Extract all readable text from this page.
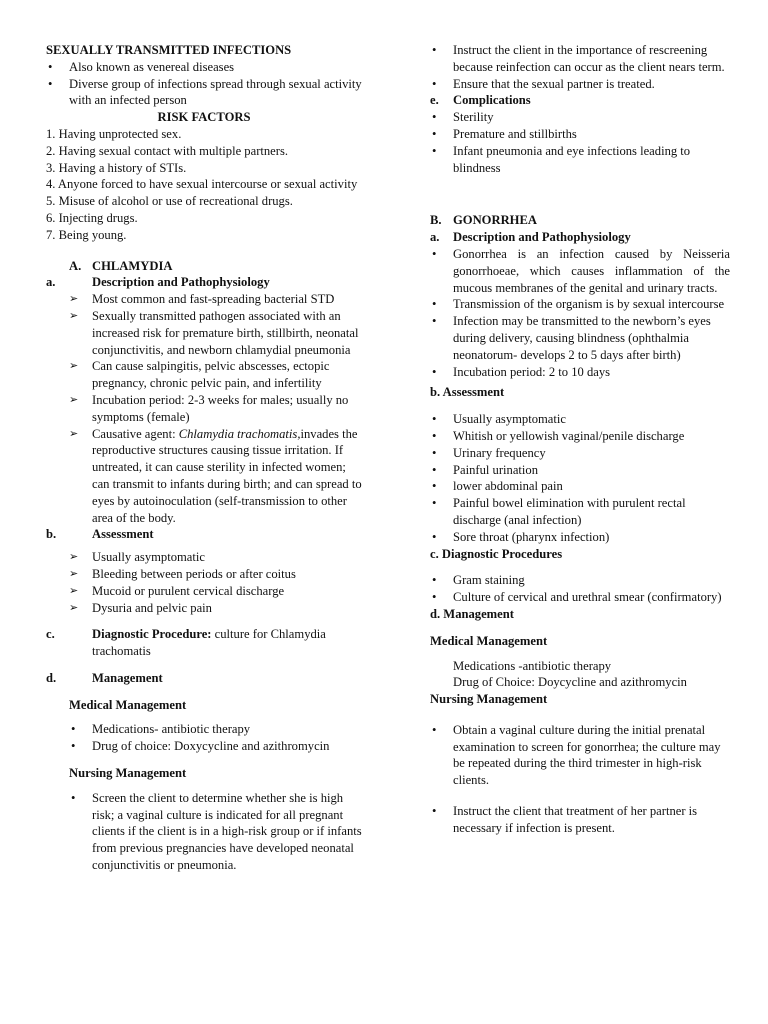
SEXUALLY TRANSMITTED INFECTIONS

• Also known as venereal diseases
• Diverse group of infections spread through sexual activity with an infected person

RISK FACTORS

1. Having unprotected sex.

2. Having sexual contact with multiple partners.

3. Having a history of STIs.

4. Anyone forced to have sexual intercourse or sexual activity

5. Misuse of alcohol or use of recreational drugs.

6. Injecting drugs.

7. Being young.

A. CHLAMYDIA
a.	Description and Pathophysiology
➢ Most common and fast-spreading bacterial STD
➢ Sexually transmitted pathogen associated with an increased risk for premature birth, stillbirth, neonatal conjunctivitis, and newborn chlamydial pneumonia
➢ Can cause salpingitis, pelvic abscesses, ectopic pregnancy, chronic pelvic pain, and infertility
➢ Incubation period: 2-3 weeks for males; usually no symptoms (female)
➢ Causative agent: Chlamydia trachomatis,invades the reproductive structures causing tissue irritation. If untreated, it can cause sterility in infected women; can transmit to infants during birth; and can spread to eyes by autoinoculation (self-transmission to other area of the body.
b.	Assessment
➢ Usually asymptomatic
➢ Bleeding between periods or after coitus
➢ Mucoid or purulent cervical discharge
➢ Dysuria and pelvic pain
c.	Diagnostic Procedure: culture for Chlamydia trachomatis
d.	Management

Medical Management

• Medications- antibiotic therapy
• Drug of choice: Doxycycline and azithromycin

Nursing Management

• Screen the client to determine whether she is high risk; a vaginal culture is indicated for all pregnant clients if the client is in a high-risk group or if infants from previous pregnancies have developed neonatal conjunctivitis or pneumonia.
• Instruct the client in the importance of rescreening because reinfection can occur as the client nears term.
• Ensure that the sexual partner is treated.
e. Complications
• Sterility
• Premature and stillbirths
• Infant pneumonia and eye infections leading to blindness
B. GONORRHEA
a. Description and Pathophysiology
• Gonorrhea is an infection caused by Neisseria gonorrhoeae, which causes inflammation of the mucous membranes of the genital and urinary tracts.
• Transmission of the organism is by sexual intercourse
• Infection may be transmitted to the newborn’s eyes during delivery, causing blindness (ophthalmia neonatorum- develops 2 to 5 days after birth)
• Incubation period: 2 to 10 days

b. Assessment

• Usually asymptomatic
• Whitish or yellowish vaginal/penile discharge
• Urinary frequency
• Painful urination
• lower abdominal pain
• Painful bowel elimination with purulent rectal discharge (anal infection)
• Sore throat (pharynx infection)

c. Diagnostic Procedures

• Gram staining
• Culture of cervical and urethral smear (confirmatory)

d. Management

Medical Management

Medications -antibiotic therapy

Drug of Choice: Doycycline and azithromycin

Nursing Management

• Obtain a vaginal culture during the initial prenatal examination to screen for gonorrhea; the culture may be repeated during the third trimester in high-risk clients.
• Instruct the client that treatment of her partner is necessary if infection is present.
